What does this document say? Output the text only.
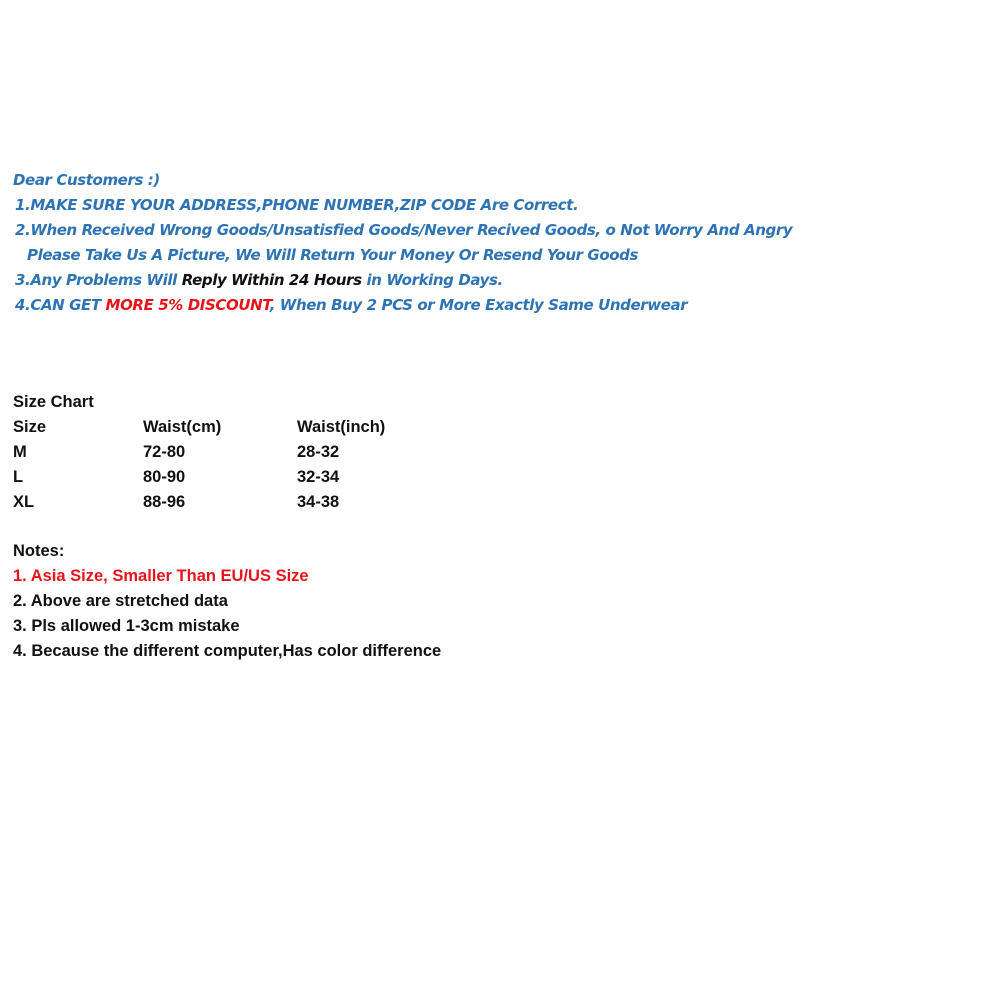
Dear Customers :)
1.MAKE SURE YOUR ADDRESS,PHONE NUMBER,ZIP CODE Are Correct.
2.When Received Wrong Goods/Unsatisfied Goods/Never Recived Goods, o Not Worry And Angry
Please Take Us A Picture, We Will Return Your Money Or Resend Your Goods
3.Any Problems Will Reply Within 24 Hours in Working Days.
4.CAN GET MORE 5% DISCOUNT, When Buy 2 PCS or More Exactly Same Underwear
Size Chart
Size	Waist(cm)	Waist(inch)
M	72-80	28-32
L	80-90	32-34
XL	88-96	34-38
Notes:
1. Asia Size, Smaller Than EU/US Size
2. Above are stretched data
3. Pls allowed 1-3cm mistake
4. Because the different computer,Has color difference
